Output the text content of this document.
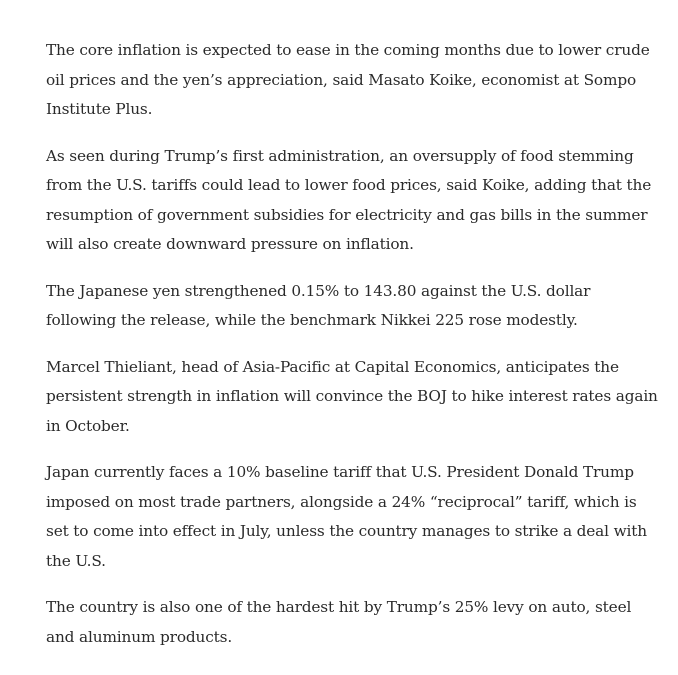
The core inflation is expected to ease in the coming months due to lower crude oil prices and the yen’s appreciation, said Masato Koike, economist at Sompo Institute Plus.

As seen during Trump’s first administration, an oversupply of food stemming from the U.S. tariffs could lead to lower food prices, said Koike, adding that the resumption of government subsidies for electricity and gas bills in the summer will also create downward pressure on inflation.

The Japanese yen strengthened 0.15% to 143.80 against the U.S. dollar following the release, while the benchmark Nikkei 225 rose modestly.

Marcel Thieliant, head of Asia-Pacific at Capital Economics, anticipates the persistent strength in inflation will convince the BOJ to hike interest rates again in October.

Japan currently faces a 10% baseline tariff that U.S. President Donald Trump imposed on most trade partners, alongside a 24% “reciprocal” tariff, which is set to come into effect in July, unless the country manages to strike a deal with the U.S.

The country is also one of the hardest hit by Trump’s 25% levy on auto, steel and aluminum products.
